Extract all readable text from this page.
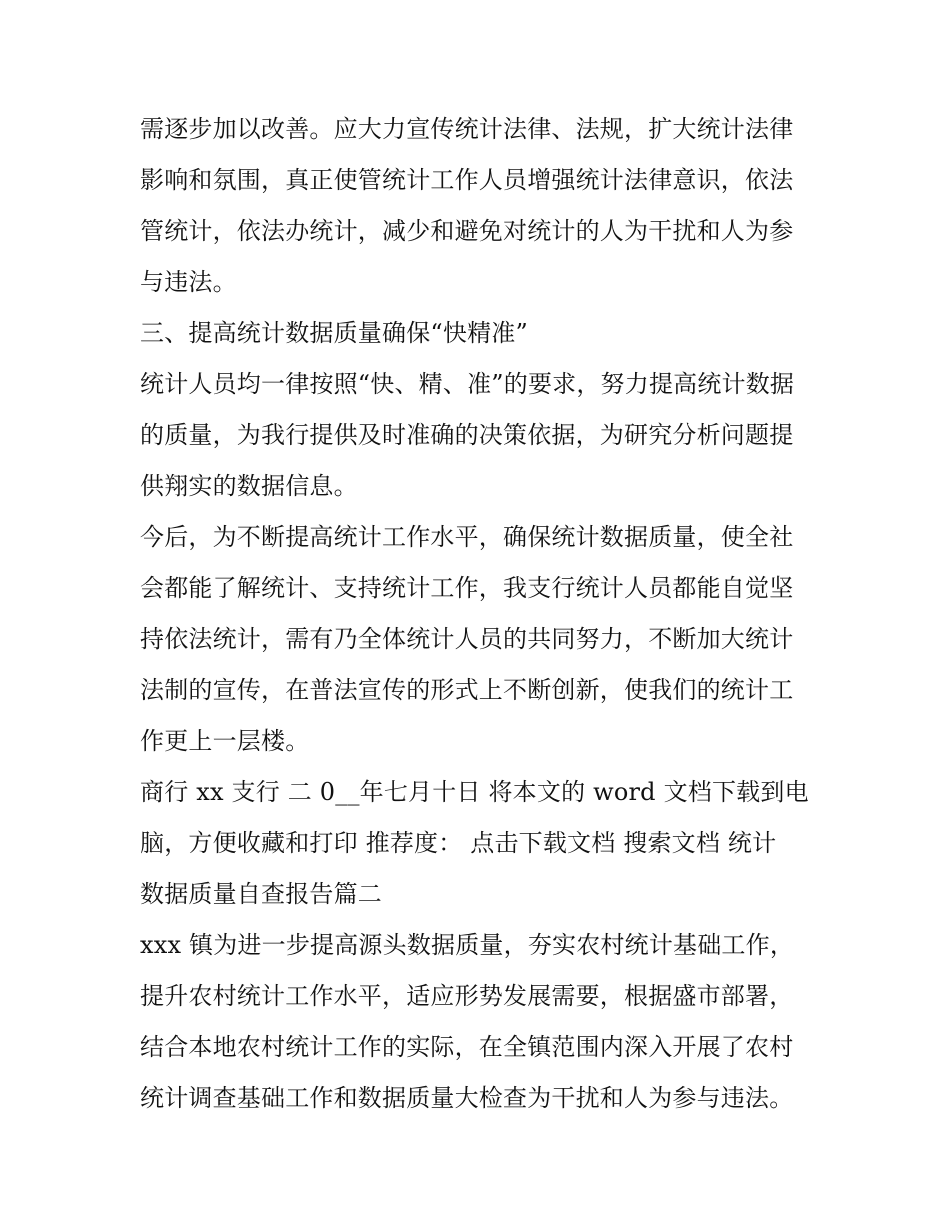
需逐步加以改善。应大力宣传统计法律、法规，扩大统计法律
影响和氛围，真正使管统计工作人员增强统计法律意识，依法
管统计，依法办统计，减少和避免对统计的人为干扰和人为参
与违法。
三、提高统计数据质量确保“快精准”
统计人员均一律按照“快、精、准”的要求，努力提高统计数据
的质量，为我行提供及时准确的决策依据，为研究分析问题提
供翔实的数据信息。
今后，为不断提高统计工作水平，确保统计数据质量，使全社
会都能了解统计、支持统计工作，我支行统计人员都能自觉坚
持依法统计，需有乃全体统计人员的共同努力，不断加大统计
法制的宣传，在普法宣传的形式上不断创新，使我们的统计工
作更上一层楼。
商行 xx 支行 二 0__年七月十日 将本文的 word 文档下载到电
脑，方便收藏和打印 推荐度： 点击下载文档 搜索文档 统计
数据质量自查报告篇二
xxx 镇为进一步提高源头数据质量，夯实农村统计基础工作，
提升农村统计工作水平，适应形势发展需要，根据盛市部署，
结合本地农村统计工作的实际，在全镇范围内深入开展了农村
统计调查基础工作和数据质量大检查为干扰和人为参与违法。
